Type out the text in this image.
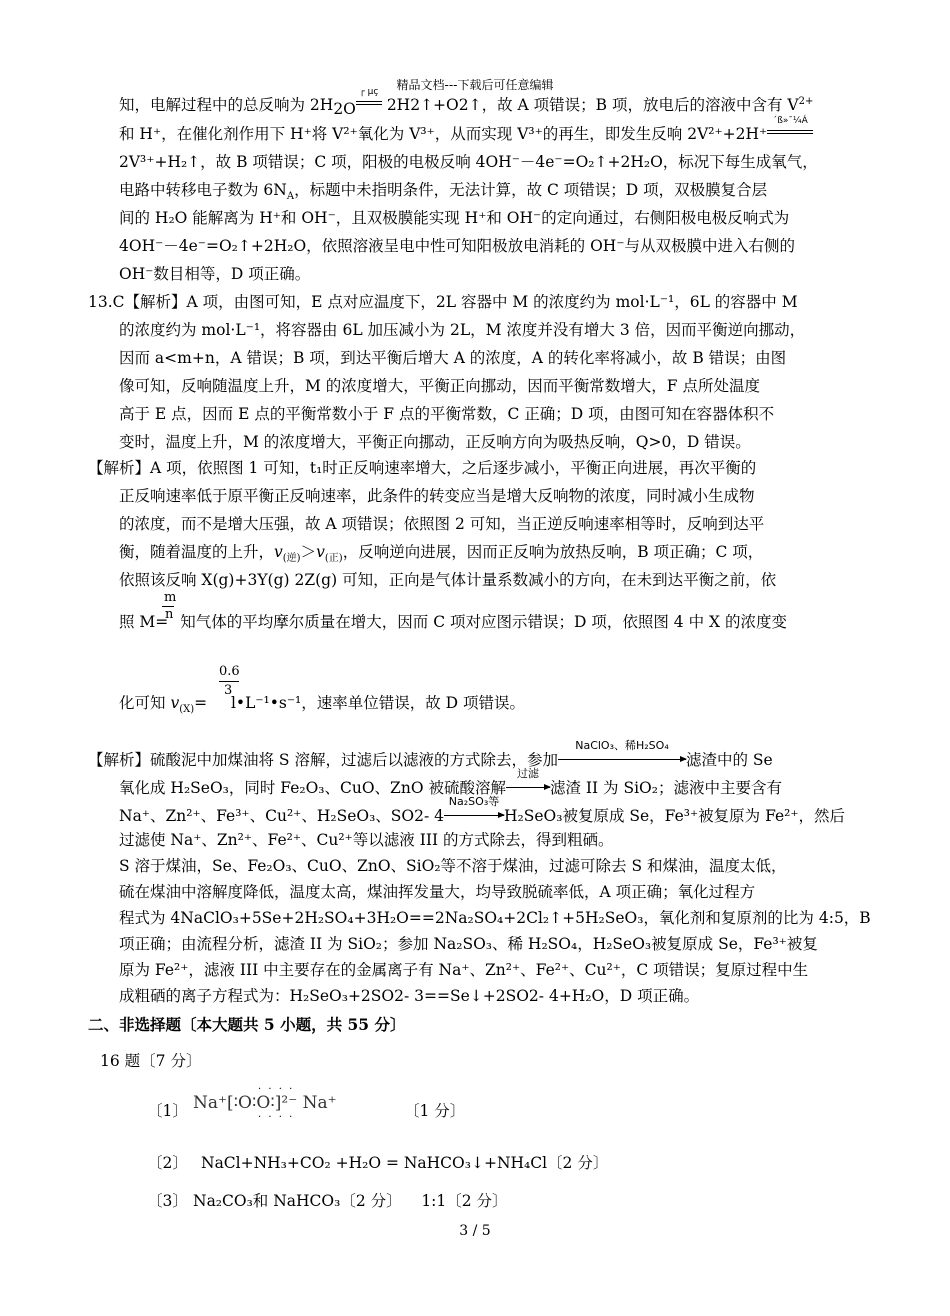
精品文档---下载后可任意编辑
知，电解过程中的总反响为 $2H_{2O}$
┌ µç
2H2↑+O2↑，故 A 项错误；B 项，放电后的溶液中含有 $V^{2+}$
和 H⁺，在催化剂作用下 H⁺将 V²⁺氧化为 V³⁺，从而实现 V³⁺的再生，即发生反响 2V²⁺+2H⁺
´ß»¯¼Á
2V³⁺+H₂↑，故 B 项错误；C 项，阳极的电极反响 4OH⁻－4e⁻=O₂↑+2H₂O，标况下每生成氧气，
电路中转移电子数为 $6N_A$，标题中未指明条件，无法计算，故 C 项错误；D 项，双极膜复合层
间的 H₂O 能解离为 H⁺和 OH⁻，且双极膜能实现 H⁺和 OH⁻的定向通过，右侧阳极电极反响式为
4OH⁻－4e⁻=O₂↑+2H₂O，依照溶液呈电中性可知阳极放电消耗的 OH⁻与从双极膜中进入右侧的
OH⁻数目相等，D 项正确。
13.C【解析】A 项，由图可知，E 点对应温度下，2L 容器中 M 的浓度约为 mol·L⁻¹，6L 的容器中 M
的浓度约为 mol·L⁻¹，将容器由 6L 加压减小为 2L，M 浓度并没有增大 3 倍，因而平衡逆向挪动，
因而 a<m+n，A 错误；B 项，到达平衡后增大 A 的浓度，A 的转化率将减小，故 B 错误；由图
像可知，反响随温度上升，M 的浓度增大，平衡正向挪动，因而平衡常数增大，F 点所处温度
高于 E 点，因而 E 点的平衡常数小于 F 点的平衡常数，C 正确；D 项，由图可知在容器体积不
变时，温度上升，M 的浓度增大，平衡正向挪动，正反响方向为吸热反响，Q>0，D 错误。
【解析】A 项，依照图 1 可知，t₁时正反响速率增大，之后逐步减小，平衡正向进展，再次平衡的
正反响速率低于原平衡正反响速率，此条件的转变应当是增大反响物的浓度，同时减小生成物
的浓度，而不是增大压强，故 A 项错误；依照图 2 可知，当正逆反响速率相等时，反响到达平
衡，随着温度的上升，$v_{(逆)}>v_{(正)}$，反响逆向进展，因而正反响为放热反响，B 项正确；C 项，
依照该反响 X(g)+3Y(g) 2Z(g) 可知，正向是气体计量系数减小的方向，在未到达平衡之前，依
m
n
照 M= 知气体的平均摩尔质量在增大，因而 C 项对应图示错误；D 项，依照图 4 中 X 的浓度变
0.6
3
化可知 $v_{(X)}=$  l•L⁻¹•s⁻¹，速率单位错误，故 D 项错误。
【解析】硫酸泥中加煤油将 S 溶解，过滤后以滤液的方式除去，参加
NaClO₃、稀H₂SO₄
滤渣中的 Se
氧化成 H₂SeO₃，同时 Fe₂O₃、CuO、ZnO 被硫酸溶解
过滤
滤渣 II 为 SiO₂；滤液中主要含有
Na⁺、Zn²⁺、Fe³⁺、Cu²⁺、H₂SeO₃、SO2- 4
Na₂SO₃等
H₂SeO₃被复原成 Se，Fe³⁺被复原为 Fe²⁺，然后
过滤使 Na⁺、Zn²⁺、Fe²⁺、Cu²⁺等以滤液 III 的方式除去，得到粗硒。
S 溶于煤油，Se、Fe₂O₃、CuO、ZnO、SiO₂等不溶于煤油，过滤可除去 S 和煤油，温度太低，
硫在煤油中溶解度降低，温度太高，煤油挥发量大，均导致脱硫率低，A 项正确；氧化过程方
程式为 4NaClO₃+5Se+2H₂SO₄+3H₂O==2Na₂SO₄+2Cl₂↑+5H₂SeO₃，氧化剂和复原剂的比为 4:5，B
项正确；由流程分析，滤渣 II 为 SiO₂；参加 Na₂SO₃、稀 H₂SO₄，H₂SeO₃被复原成 Se，Fe³⁺被复
原为 Fe²⁺，滤液 III 中主要存在的金属离子有 Na⁺、Zn²⁺、Fe²⁺、Cu²⁺，C 项错误；复原过程中生
成粗硒的离子方程式为：H₂SeO₃+2SO2- 3==Se↓+2SO2- 4+H₂O，D 项正确。
二、非选择题〔本大题共 5 小题，共 55 分〕
16 题〔7 分〕
〔1〕 Na⁺[∶O∶O∶]²⁻ Na⁺
· · · ·
· · · ·	〔1 分〕
〔2〕 NaCl+NH₃+CO₂ +H₂O = NaHCO₃↓+NH₄Cl〔2 分〕
〔3〕 Na₂CO₃和 NaHCO₃〔2 分〕    1:1〔2 分〕
3 / 5
